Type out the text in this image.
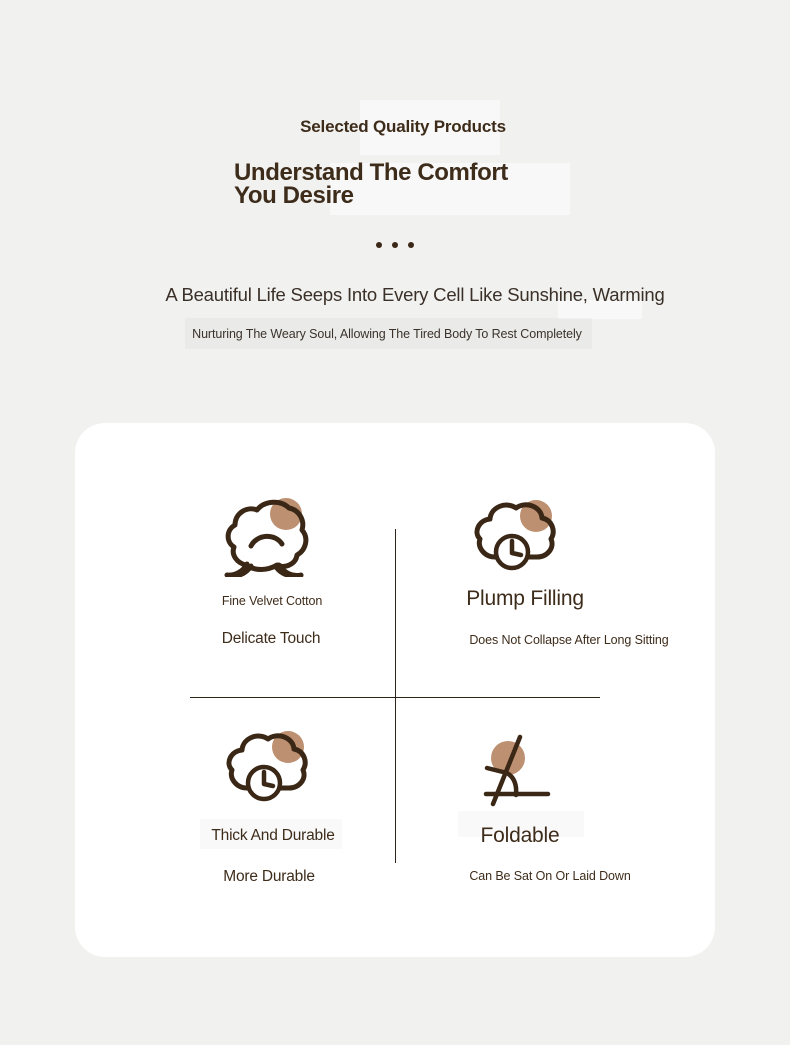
Selected Quality Products
Understand The Comfort
You Desire
A Beautiful Life Seeps Into Every Cell Like Sunshine, Warming
Nurturing The Weary Soul, Allowing The Tired Body To Rest Completely
Fine Velvet Cotton
Delicate Touch
Plump Filling
Does Not Collapse After Long Sitting
Thick And Durable
More Durable
Foldable
Can Be Sat On Or Laid Down
